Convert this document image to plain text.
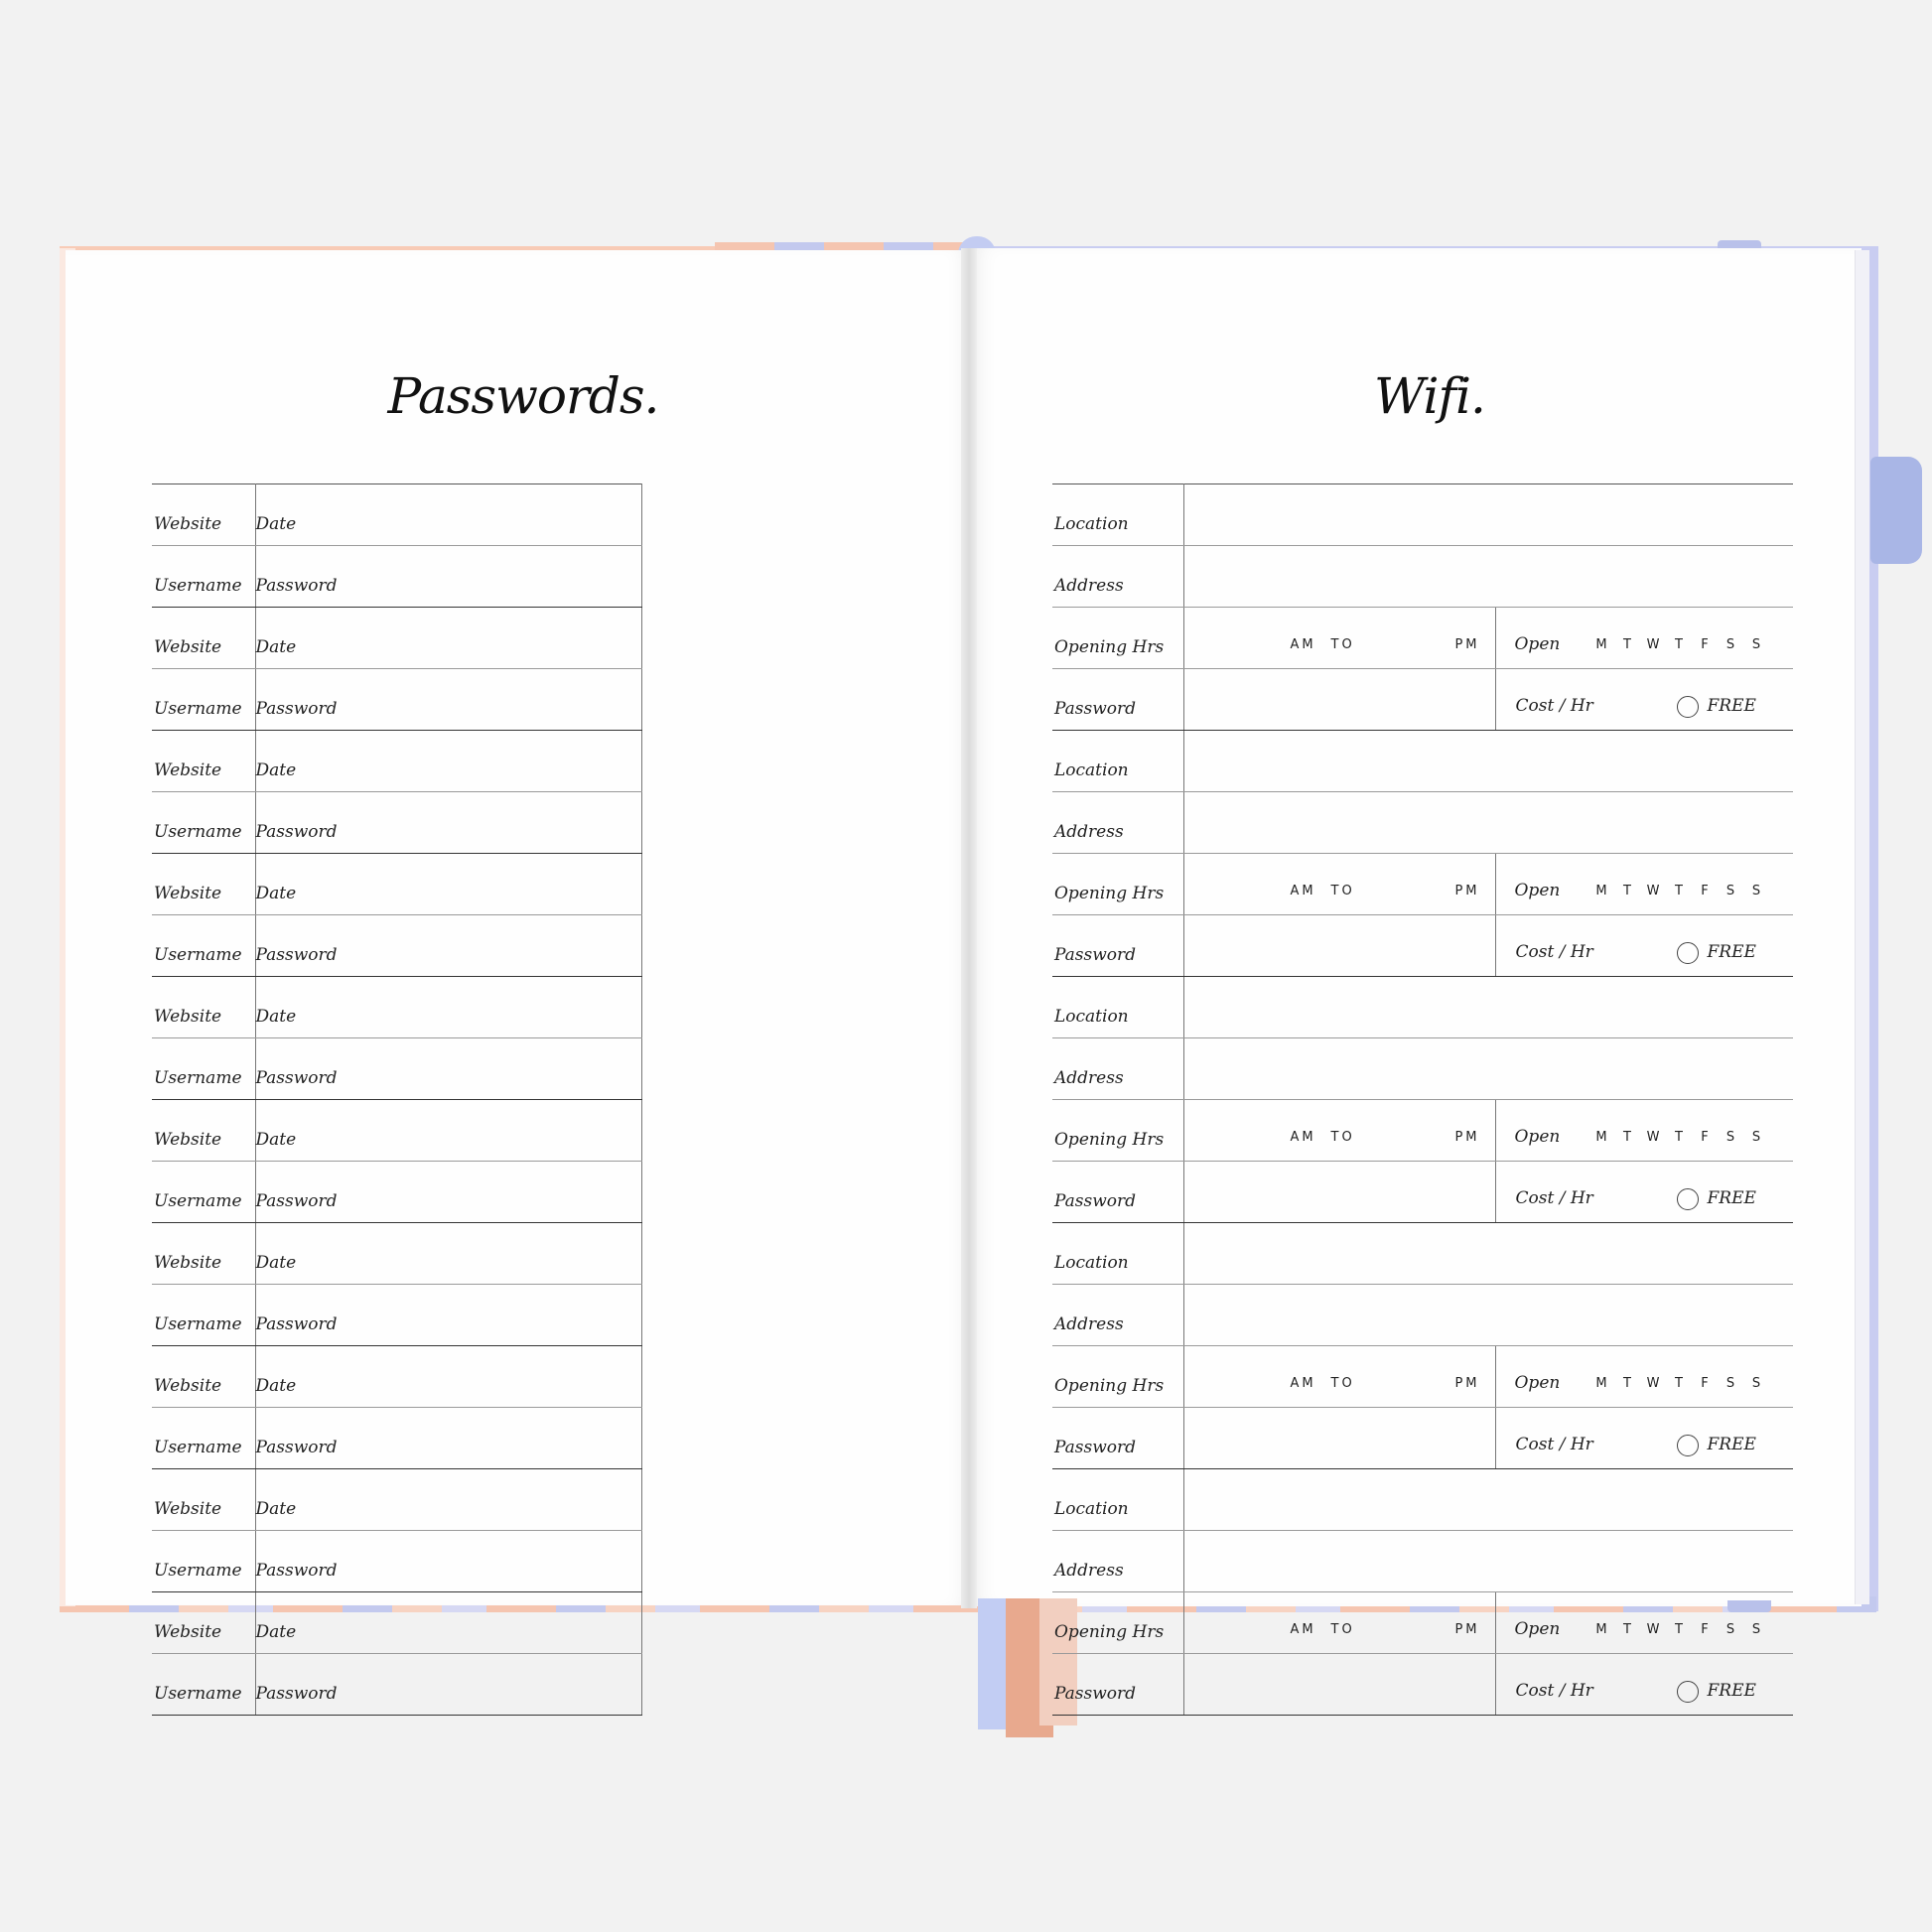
Passwords.	Wifi.
Website	Date	
Username	Password	
Website	Date	
Username	Password	
Website	Date	
Username	Password	
Website	Date	
Username	Password	
Website	Date	
Username	Password	
Website	Date	
Username	Password	
Website	Date	
Username	Password	
Website	Date	
Username	Password	
Website	Date	
Username	Password	
Website	Date	
Username	Password	
Location		
Address		
Opening Hrs	AM TO PM	Open M T W T F S S

Password		Cost / Hr FREE

Location		
Address		
Opening Hrs	AM TO PM	Open M T W T F S S

Password		Cost / Hr FREE

Location		
Address		
Opening Hrs	AM TO PM	Open M T W T F S S

Password		Cost / Hr FREE

Location		
Address		
Opening Hrs	AM TO PM	Open M T W T F S S

Password		Cost / Hr FREE

Location		
Address		
Opening Hrs	AM TO PM	Open M T W T F S S

Password		Cost / Hr FREE
